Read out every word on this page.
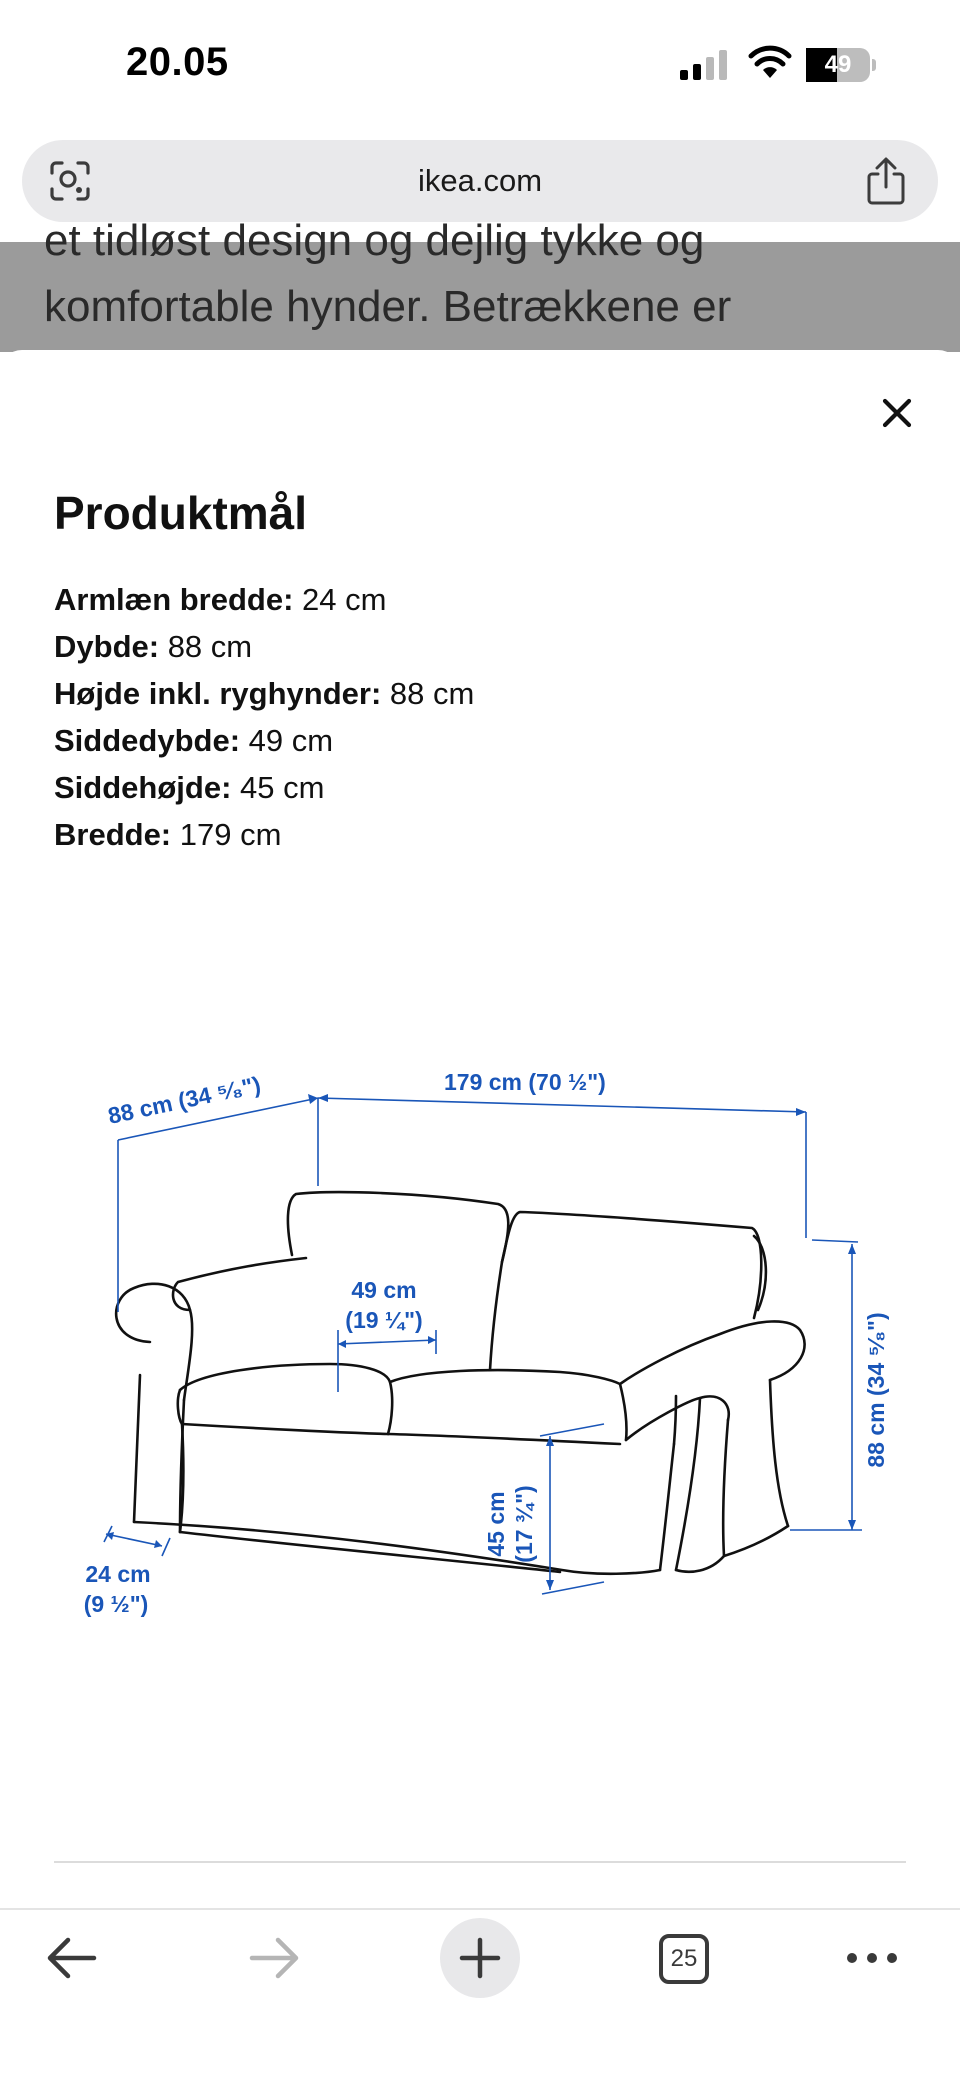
20.05	49
ikea.com
et tidløst design og dejlig tykke og
komfortable hynder. Betrækkene er
Produktmål
Armlæn bredde: 24 cm
Dybde: 88 cm
Højde inkl. ryghynder: 88 cm
Siddedybde: 49 cm
Siddehøjde: 45 cm
Bredde: 179 cm
88 cm (34 ⁵⁄₈")	179 cm (70 ½")
49 cm
(19 ¼")	88 cm (34 ⁵⁄₈")
45 cm (17 ¾")
24 cm
(9 ½")
25
